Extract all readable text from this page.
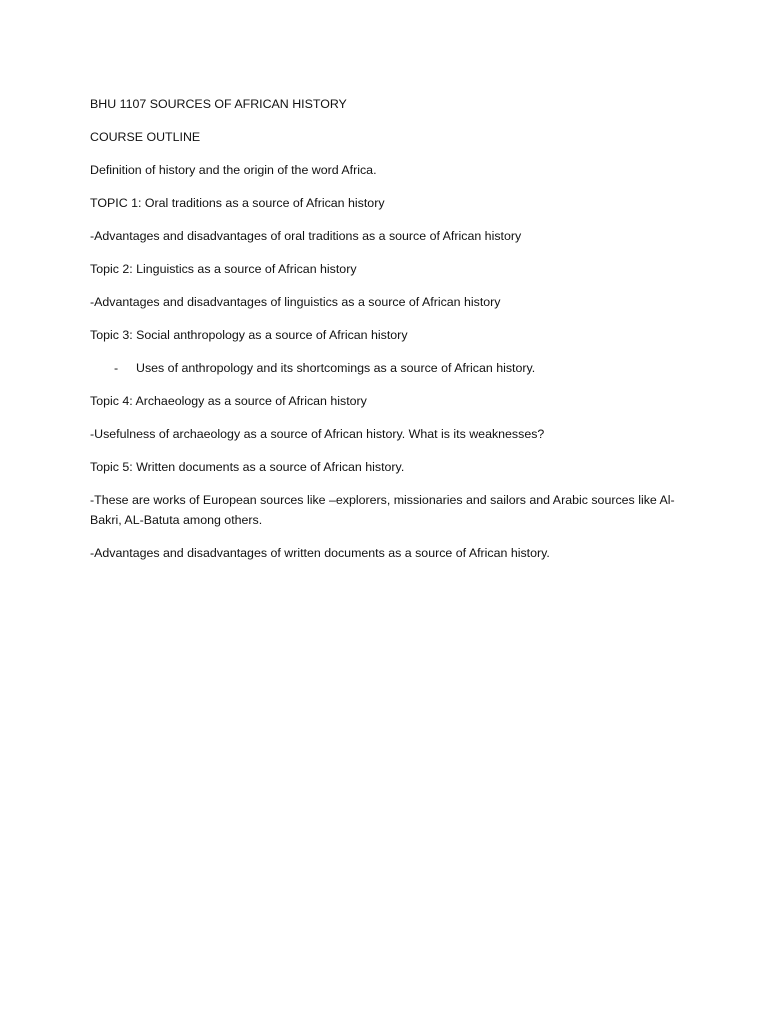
BHU 1107 SOURCES OF AFRICAN HISTORY

COURSE OUTLINE

Definition of history and the origin of the word Africa.

TOPIC 1: Oral traditions as a source of African history

-Advantages and disadvantages of oral traditions as a source of African history

Topic 2: Linguistics as a source of African history

-Advantages and disadvantages of linguistics as a source of African history

Topic 3: Social anthropology as a source of African history

-	Uses of anthropology and its shortcomings as a source of African history.

Topic 4: Archaeology as a source of African history

-Usefulness of archaeology as a source of African history. What is its weaknesses?

Topic 5: Written documents as a source of African history.

-These are works of European sources like –explorers, missionaries and sailors and Arabic sources like Al-Bakri, AL-Batuta among others.

-Advantages and disadvantages of written documents as a source of African history.
